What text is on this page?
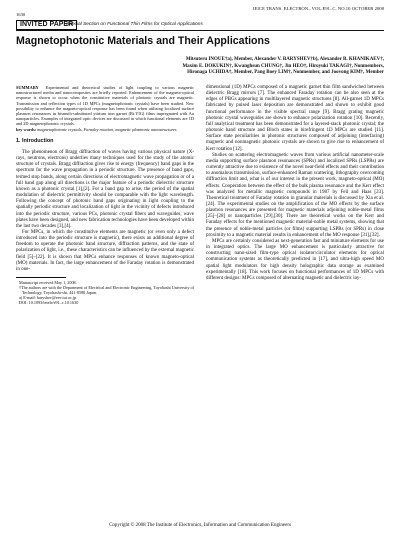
IEICE TRANS. ELECTRON., VOL.E91–C, NO.10 OCTOBER 2008
1630
INVITED PAPER
Special Section on Functional Thin Films for Optical Applications
Magnetophotonic Materials and Their Applications
Mitsuteru INOUE†a), Member, Alexander V. BARYSHEV†b), Alexander B. KHANIKAEV†,
Maxim E. DOKUKIN†, Kwanghsun CHUNG†, Jin HEO†, Hiroyuki TAKAGI†, Nonmembers,
Hironaga UCHIDA†, Member, Pang Boey LIM†, Nonmember, and Joovong KIM†, Member
SUMMARY Experimental and theoretical studies of light coupling to various magnetic nanostructured media and nanocomposites are briefly reported. Enhancement of the magneto-optical response is shown to occur when the constitutive materials of photonic crystals are magnetic. Transmission and reflection types of 1D MPCs (magnetophotonic crystals) have been studied. New possibility to enhance the magneto-optical response has been found when utilizing localized surface plasmon resonances in bismuth-substituted yttrium iron garnet (Bi:YIG) films impregnated with Au nanoparticles. Examples of integrated optic devices are discussed in which functional elements are 1D and 2D magnetophotonic crystals.
key words: magnetophotonic crystals, Faraday rotation, magnetic plasmonic nanostructures
1. Introduction

The phenomenon of Bragg diffraction of waves having various physical nature (X-rays, neutrons, electrons) underlies many techniques used for the study of the atomic structure of crystals. Bragg diffraction gives rise to energy (frequency) band gaps in the spectrum for the wave propagation in a periodic structure. The presence of band gaps, termed stop bands, along certain directions of electromagnetic wave propagation or of a full band gap along all directions is the major feature of a periodic dielectric structure known as a photonic crystal [1],[2]. For a band gap to arise, the period of the spatial modulation of dielectric permittivity should be comparable with the light wavelength. Following the concept of photonic band gaps originating in light coupling to the spatially periodic structure and localization of light in the vicinity of defects introduced into the periodic structure, various PCs, photonic crystal fibers and waveguides, wave plates have been designed, and new fabrication technologies have been developed within the last two decades [3],[4].

For MPCs, in which the constitutive elements are magnetic (or even only a defect introduced into the periodic structure is magnetic), there exists an additional degree of freedom to operate the photonic band structure, diffraction patterns, and the state of polarization of light, i.e., these characteristics can be influenced by the external magnetic field [5]–[22]. It is shown that MPCs enhance responses of known magneto-optical (MO) materials. In fact, the large enhancement of the Faraday rotation is demonstrated in one-

Manuscript received May 1, 2008.
†The authors are with the Department of Electrical and Electronic Engineering, Toyohashi University of Technology, Toyohashi-shi, 441-8580 Japan.
a) E-mail: baryshev@eee.tut.ac.jp
DOI: 10.1093/ietele/e91–c.10.1630

dimensional (1D) MPCs composed of a magnetic garnet thin film sandwiched between dielectric Bragg mirrors [7]. The enhanced Faraday rotation can be also seen at the edges of PBGs appearing in multilayered magnetic structures [8]. All-garnet 1D MPCs fabricated by pulsed laser deposition are demonstrated and shown to exhibit good functional performance in the visible spectral range [9]. Bragg grating magnetic photonic crystal waveguides are shown to enhance polarization rotation [10]. Recently, full analytical treatment has been demonstrated for a layered-stack photonic crystal; the photonic band structure and Bloch states in birefringent 1D MPCs are studied [11]. Surface state peculiarities in photonic structures composed of adjoining (interfacing) magnetic and nonmagnetic photonic crystals are shown to give rise to enhancement of Kerr rotation [12].

Studies on scattering electromagnetic waves from various artificial nanometer-scale media supporting surface plasmon resonances (SPRs) and localized SPRs (LSPRs) are currently attractive due to existence of the novel near-field effects and their contribution to anomalous transmission, surface-enhanced Raman scattering, lithography overcoming diffraction limit and, what is of our interest in the present work, magneto-optical (MO) effects. Cooperation between the effect of the bulk plasma resonance and the Kerr effect was analyzed for metallic magnetic compounds in 1987 by Feil and Haas [23]. Theoretical treatment of Faraday rotation in granular materials is discussed by Xia et al. [24]. The experimental studies on the amplification of the MO effects by the surface plasmon resonances are presented for magnetic materials adjoining noble-metal films [25]–[28] or nanoparticles [29],[30]. There are theoretical works on the Kerr and Faraday effects for the mentioned magnetic material-noble metal systems, showing that the presence of noble-metal particles (or films) supporting LSPRs (or SPRs) in close proximity to a magnetic material results in enhancement of the MO response [31],[32].

MPCs are certainly considered as next-generation fast and miniature elements for use in integrated optics. The large MO enhancement is particularly attractive for constructing nano-sized film-type optical isolator/circulator elements for optical communication systems as theoretically predicted in [17], and ultra-high speed MO spatial light modulators for high density holographic data storage as examined experimentally [18]. This work focuses on functional performances of 1D MPCs with different designs: MPCs composed of alternating magnetic and dielectric lay-

Copyright © 2008 The Institute of Electronics, Information and Communication Engineers
